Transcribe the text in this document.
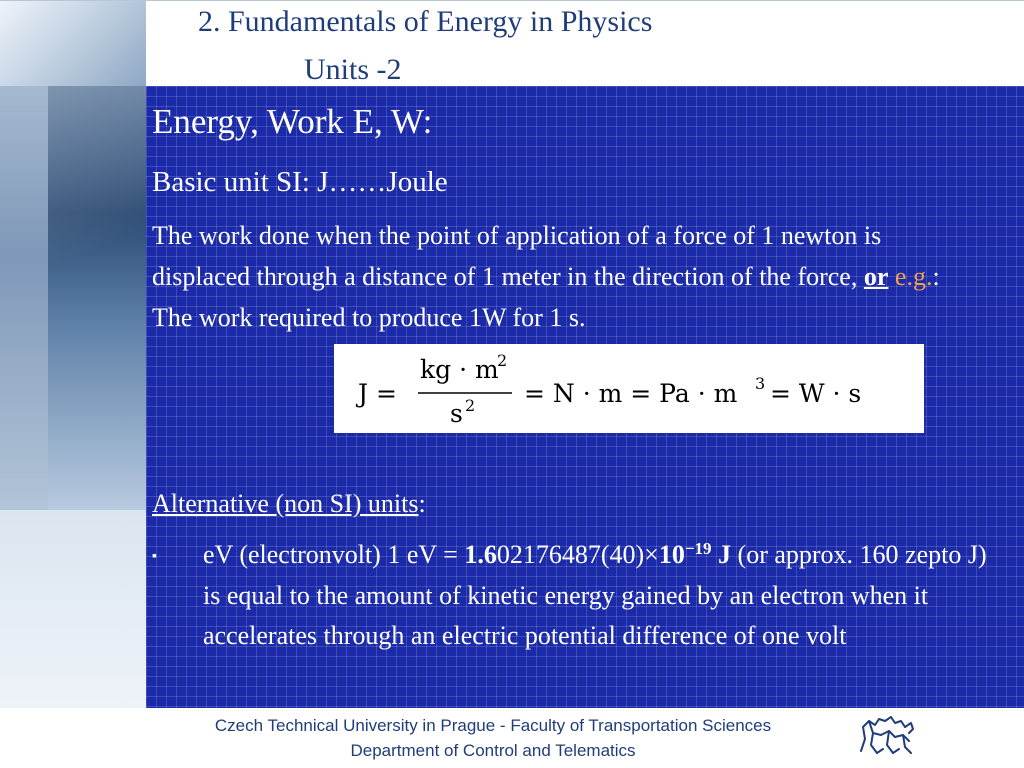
2. Fundamentals of Energy in Physics
Units -2

Energy, Work E, W:

Basic unit SI: J……Joule

The work done when the point of application of a force of 1 newton is displaced through a distance of 1 meter in the direction of the force, or e.g.: The work required to produce 1W for 1 s.

J =
kg · m
2
s 2 = N · m = Pa · m 3 = W · s

Alternative (non SI) units:

▪ eV (electronvolt) 1 eV = $1.602176487(40)\times 10^{-19}$ J (or approx. 160 zepto J) is equal to the amount of kinetic energy gained by an electron when it accelerates through an electric potential difference of one volt

Czech Technical University in Prague - Faculty of Transportation Sciences

Department of Control and Telematics
